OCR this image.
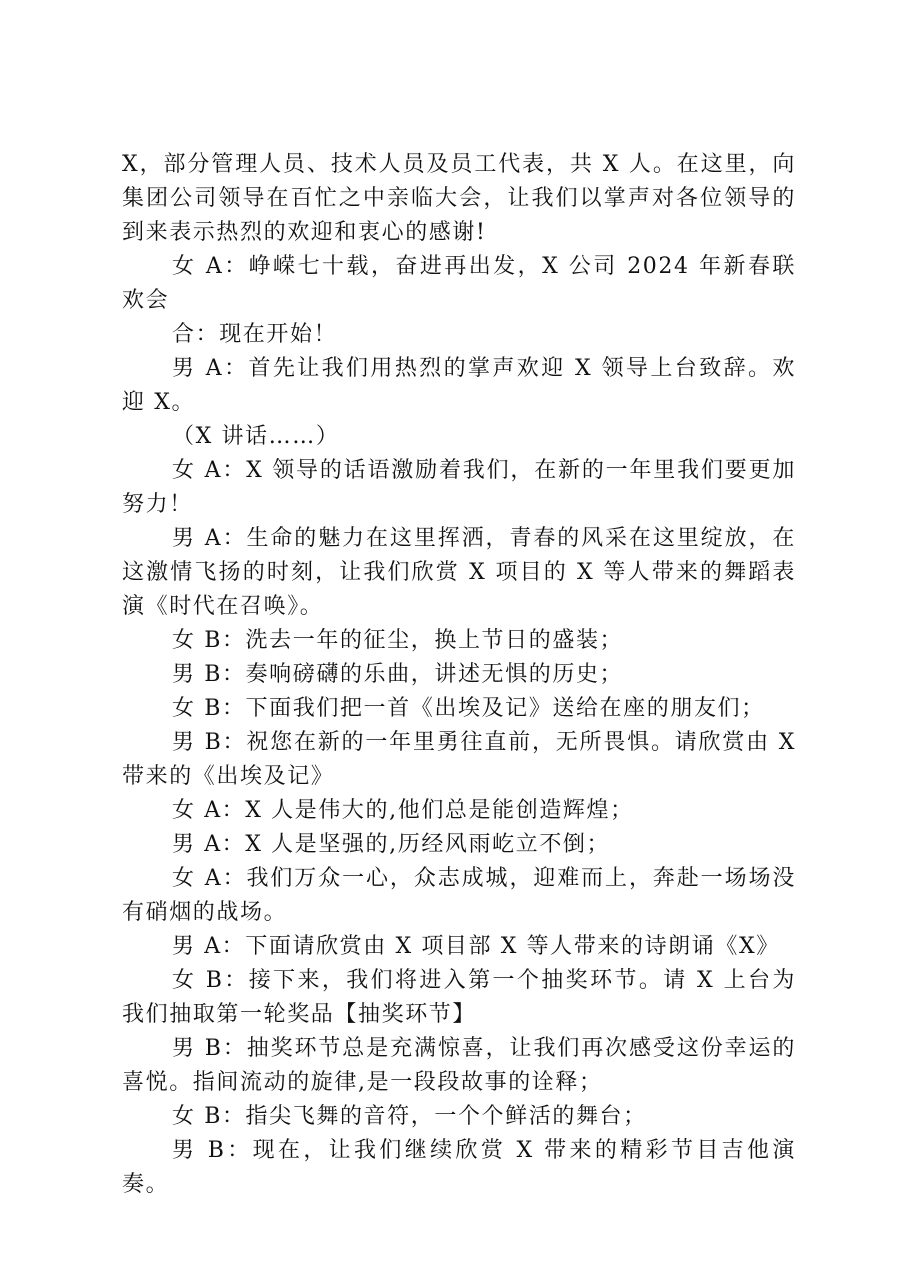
X，部分管理人员、技术人员及员工代表，共 X 人。在这里，向集团公司领导在百忙之中亲临大会，让我们以掌声对各位领导的到来表示热烈的欢迎和衷心的感谢!

女 A：峥嵘七十载，奋进再出发，X 公司 2024 年新春联欢会

合：现在开始！

男 A：首先让我们用热烈的掌声欢迎 X 领导上台致辞。欢迎 X。

（X 讲话……）

女 A：X 领导的话语激励着我们，在新的一年里我们要更加努力！

男 A：生命的魅力在这里挥洒，青春的风采在这里绽放，在这激情飞扬的时刻，让我们欣赏 X 项目的 X 等人带来的舞蹈表演《时代在召唤》。

女 B：洗去一年的征尘，换上节日的盛装；

男 B：奏响磅礴的乐曲，讲述无惧的历史；

女 B：下面我们把一首《出埃及记》送给在座的朋友们；

男 B：祝您在新的一年里勇往直前，无所畏惧。请欣赏由 X 带来的《出埃及记》

女 A：X 人是伟大的,他们总是能创造辉煌；

男 A：X 人是坚强的,历经风雨屹立不倒；

女 A：我们万众一心，众志成城，迎难而上，奔赴一场场没有硝烟的战场。

男 A：下面请欣赏由 X 项目部 X 等人带来的诗朗诵《X》

女 B：接下来，我们将进入第一个抽奖环节。请 X 上台为我们抽取第一轮奖品【抽奖环节】

男 B：抽奖环节总是充满惊喜，让我们再次感受这份幸运的喜悦。指间流动的旋律,是一段段故事的诠释；

女 B：指尖飞舞的音符，一个个鲜活的舞台；

男 B：现在，让我们继续欣赏 X 带来的精彩节目吉他演奏。
